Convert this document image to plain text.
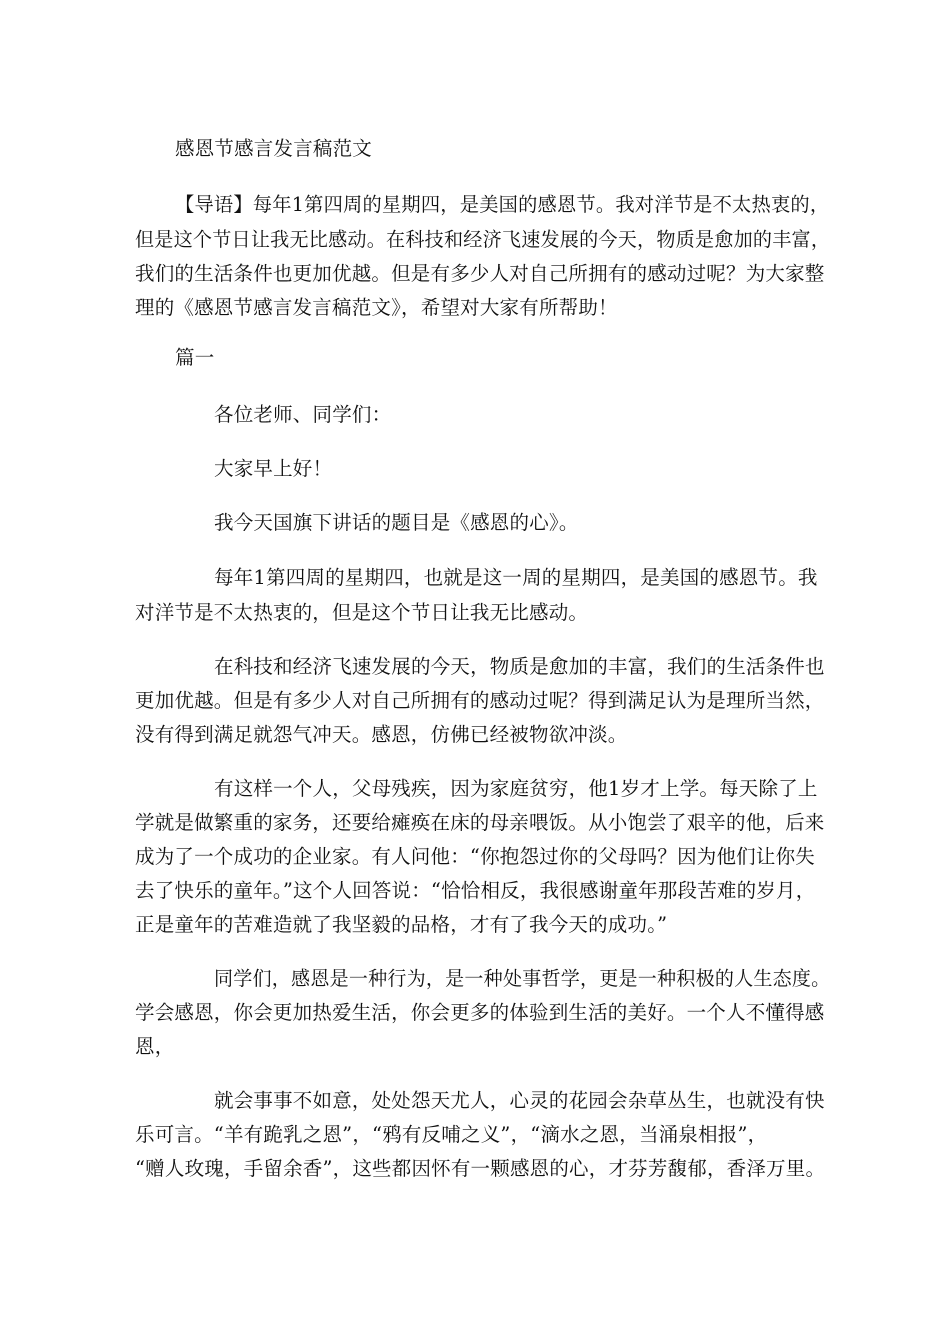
感恩节感言发言稿范文
【导语】每年1第四周的星期四，是美国的感恩节。我对洋节是不太热衷的，
但是这个节日让我无比感动。在科技和经济飞速发展的今天，物质是愈加的丰富，
我们的生活条件也更加优越。但是有多少人对自己所拥有的感动过呢？为大家整
理的《感恩节感言发言稿范文》，希望对大家有所帮助！
篇一
各位老师、同学们：
大家早上好！
我今天国旗下讲话的题目是《感恩的心》。
每年1第四周的星期四，也就是这一周的星期四，是美国的感恩节。我
对洋节是不太热衷的，但是这个节日让我无比感动。
在科技和经济飞速发展的今天，物质是愈加的丰富，我们的生活条件也
更加优越。但是有多少人对自己所拥有的感动过呢？得到满足认为是理所当然，
没有得到满足就怨气冲天。感恩，仿佛已经被物欲冲淡。
有这样一个人，父母残疾，因为家庭贫穷，他1岁才上学。每天除了上
学就是做繁重的家务，还要给瘫痪在床的母亲喂饭。从小饱尝了艰辛的他，后来
成为了一个成功的企业家。有人问他：“你抱怨过你的父母吗？因为他们让你失
去了快乐的童年。”这个人回答说：“恰恰相反，我很感谢童年那段苦难的岁月，
正是童年的苦难造就了我坚毅的品格，才有了我今天的成功。”
同学们，感恩是一种行为，是一种处事哲学，更是一种积极的人生态度。
学会感恩，你会更加热爱生活，你会更多的体验到生活的美好。一个人不懂得感
恩，
就会事事不如意，处处怨天尤人，心灵的花园会杂草丛生，也就没有快
乐可言。“羊有跪乳之恩”，“鸦有反哺之义”，“滴水之恩，当涌泉相报”，
“赠人玫瑰，手留余香”，这些都因怀有一颗感恩的心，才芬芳馥郁，香泽万里。
